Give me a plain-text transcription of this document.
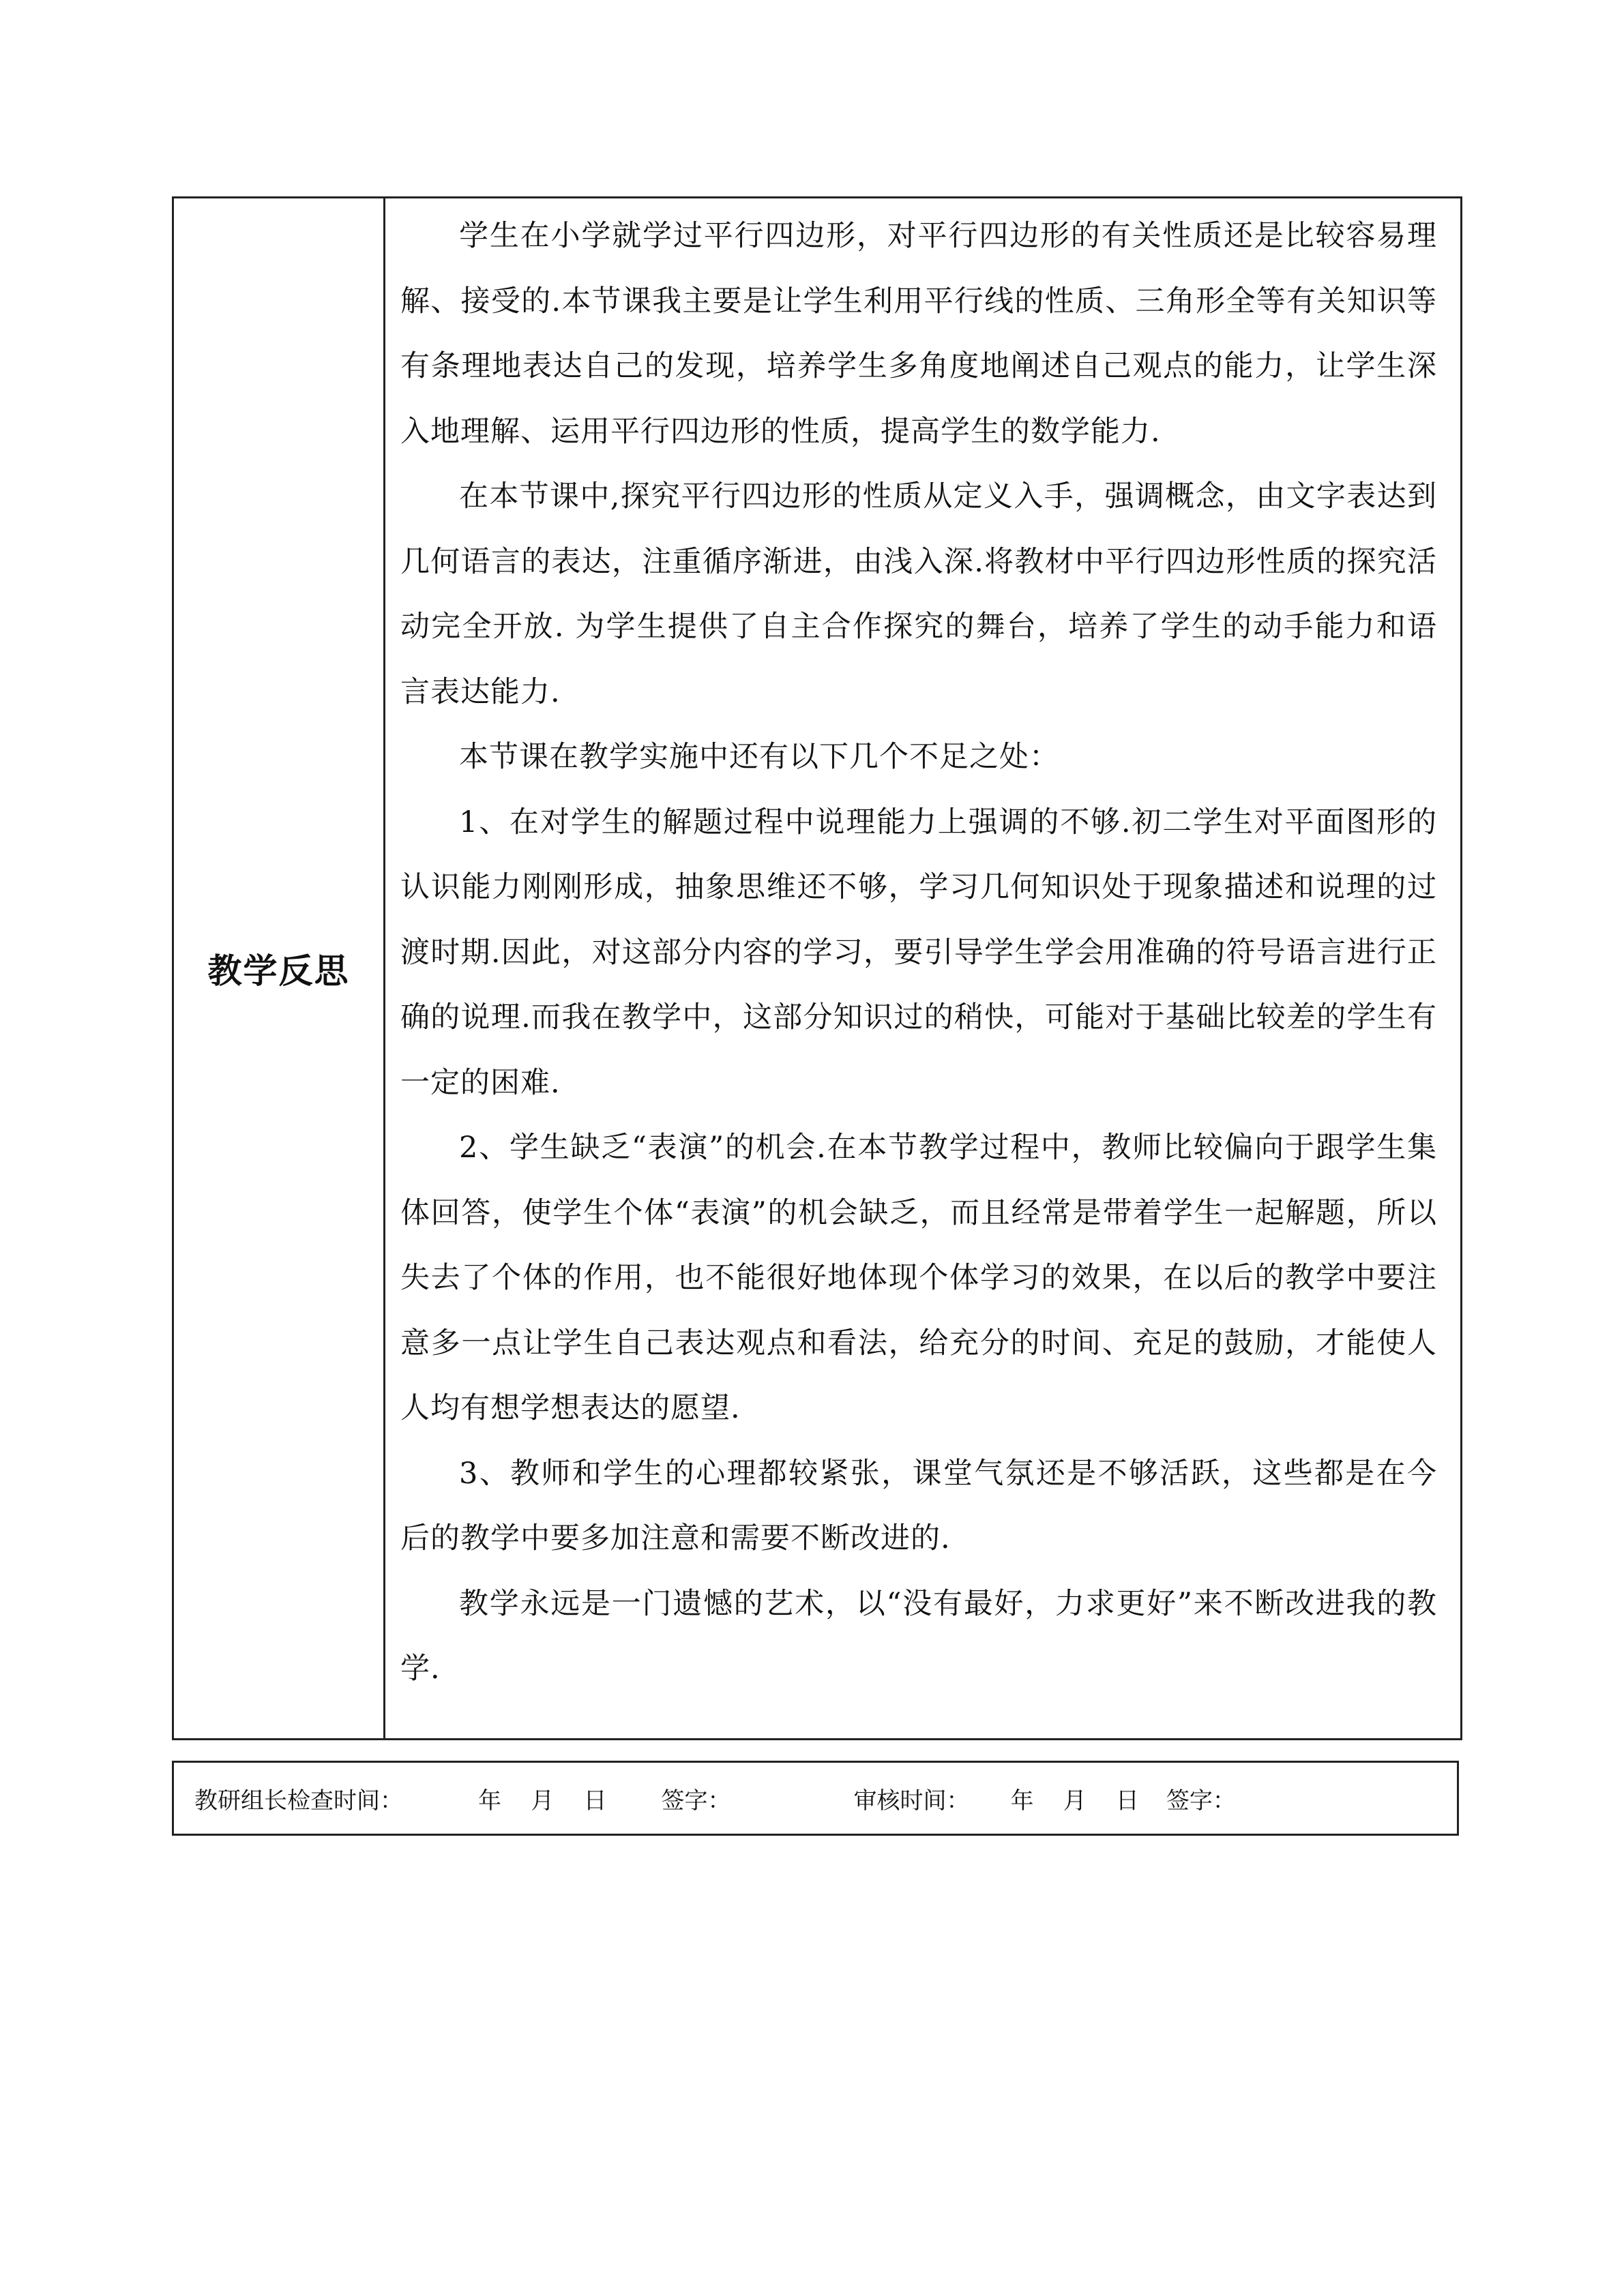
教学反思

学生在小学就学过平行四边形，对平行四边形的有关性质还是比较容易理解、接受的.本节课我主要是让学生利用平行线的性质、三角形全等有关知识等有条理地表达自己的发现，培养学生多角度地阐述自己观点的能力，让学生深入地理解、运用平行四边形的性质，提高学生的数学能力.

在本节课中,探究平行四边形的性质从定义入手，强调概念，由文字表达到几何语言的表达，注重循序渐进，由浅入深.将教材中平行四边形性质的探究活动完全开放. 为学生提供了自主合作探究的舞台，培养了学生的动手能力和语言表达能力.

本节课在教学实施中还有以下几个不足之处：

1、在对学生的解题过程中说理能力上强调的不够.初二学生对平面图形的认识能力刚刚形成，抽象思维还不够，学习几何知识处于现象描述和说理的过渡时期.因此，对这部分内容的学习，要引导学生学会用准确的符号语言进行正确的说理.而我在教学中，这部分知识过的稍快，可能对于基础比较差的学生有一定的困难.

2、学生缺乏“表演”的机会.在本节教学过程中，教师比较偏向于跟学生集体回答，使学生个体“表演”的机会缺乏，而且经常是带着学生一起解题，所以失去了个体的作用，也不能很好地体现个体学习的效果，在以后的教学中要注意多一点让学生自己表达观点和看法，给充分的时间、充足的鼓励，才能使人人均有想学想表达的愿望.

3、教师和学生的心理都较紧张，课堂气氛还是不够活跃，这些都是在今后的教学中要多加注意和需要不断改进的.

教学永远是一门遗憾的艺术，以“没有最好，力求更好”来不断改进我的教学.

教研组长检查时间：	年    月    日 签字：	审核时间： 年    月    日 签字：
